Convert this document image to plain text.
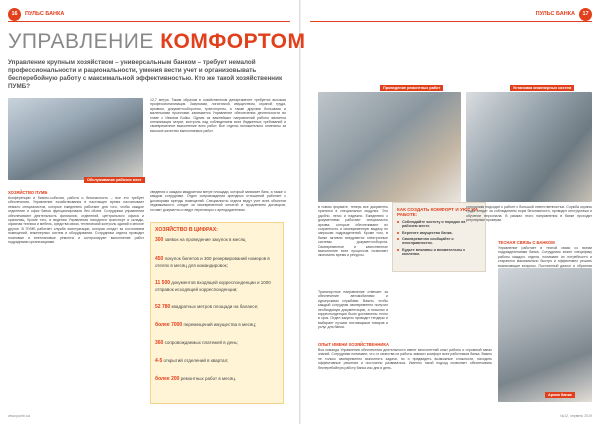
16	ПУЛЬС БАНКА	ПУЛЬС БАНКА	17
УПРАВЛЕНИЕ КОМФОРТОМ
Управление крупным хозяйством – универсальным банком – требует немалой профессиональности и рациональности, умения вести учет и организовывать бесперебойную работу с максимальной эффективностью. Кто же такой хозяйственник ПУМБ?
Обслуживание рабочих мест
ХОЗЯЙСТВО ПУМБ
Конференции и бизнес-события, работа и безопасность – все это требует обеспечения. Управление хозяйствования в настоящее время насчитывает немало специалистов, которые ежедневно работают для того, чтобы каждое отделение и офис банка функционировали без сбоев. Сотрудники управления обеспечивают деятельность филиалов, отделений, центрального офиса и хранилищ. Кроме того, в ведении Управления находятся транспорт и склады, офисная техника и мебель, средства связи, технический контроль зданий и многое другое. В ПУМБ работает служба эксплуатации, которая следит за состоянием помещений, инженерных систем и оборудования. Сотрудники отдела проводят плановые и внеплановые ремонты и контролируют выполнение работ подрядными организациями.
12,7 метра. Таким образом в хозяйственном департаменте требуется высокая профессионализация. Закупками, логистикой, имуществом, охраной труда, архивом, документооборотом, транспортом, а также другими большими и маленькими проектами занимается Управление обеспечения деятельности во главе с Иваном Бойко. Одним из важнейших направлений работы является оптимизация затрат, контроль над соблюдением всех бюджетных требований и своевременное выполнение всех работ. Все отделы положительно отмечены за высокое качество выполняемых работ.
сведения о каждом квадратном метре площади, который занимает банк, а также о каждом сотруднике. Отдел сопровождения арендных отношений работает с договорами аренды помещений. Специалисты отдела ведут учет всех объектов недвижимости, следят за своевременной оплатой и продлением договоров, готовят документы и ведут переговоры с арендодателями.
ХОЗЯЙСТВО В ЦИФРАХ:
300 заявок на проведение закупок в месяц
450 покупок билетов и 300 резервирований номеров в отелях в месяц для командировок;
11 500 документов входящей корреспонденции и 1000 отправок исходящей корреспонденции;
52 780 квадратных метров площади на балансе;
более 7000 перемещений имущества в месяц;
360 сопровождаемых платежей в день;
4-5 открытий отделений в квартал;
более 200 ремонтных работ в месяц.
Проведение ремонтных работ	Установка инженерных систем
в новом формате, теперь все документы хранятся в специальных модулях. Это удобно, легко и надежно. Ежедневно с документами работают специалисты архива, которые обеспечивают их сохранность и своевременную выдачу по запросам подразделений. Кроме того, в банке активно внедряются электронные системы документооборота. Своевременное и качественное выполнение всех процессов позволяет экономить время и ресурсы.
Транспортное направление отвечает за обеспечение автомобилями и курьерскими службами. Важно, чтобы каждый сотрудник своевременно получил необходимую документацию, а посылки и корреспонденция были доставлены точно в срок. Отдел закупок проводит тендеры и выбирает лучших поставщиков товаров и услуг для банка.
КАК СОЗДАТЬ КОМФОРТ И УЮТ НА РАБОТЕ:
Соблюдайте чистоту и порядок на рабочем месте.
Берегите имущество банка.
Своевременно сообщайте о неисправностях.
Будьте вежливы и внимательны к коллегам.
сотрудники подходят к работе с большой ответственностью. Служба охраны труда следит за соблюдением норм безопасности, проводит инструктажи и обучение персонала. В рамках этого направления в банке проходят регулярные проверки.
ТЕСНАЯ СВЯЗЬ С БАНКОМ
Управление работает в тесной связи со всеми подразделениями банка. Сотрудники знают специфику работы каждого отдела, понимают их потребности и стараются максимально быстро и эффективно решать возникающие вопросы. Постоянный диалог и обратная
ОПЫТ ИМЕНИ ХОЗЯЙСТВЕННИКА
Вся команда Управления обеспечения деятельности имеет многолетний опыт работы и огромный запас знаний. Сотрудники понимают, что от качества их работы зависит комфорт всех работников банка. Важно не только своевременно выполнять задачи, но и предвидеть возможные сложности, находить эффективные решения и постоянно развиваться. Именно такой подход позволяет обеспечивать бесперебойную работу банка изо дня в день.
Архив банка
www.pumb.ua	№12, червень 2019
